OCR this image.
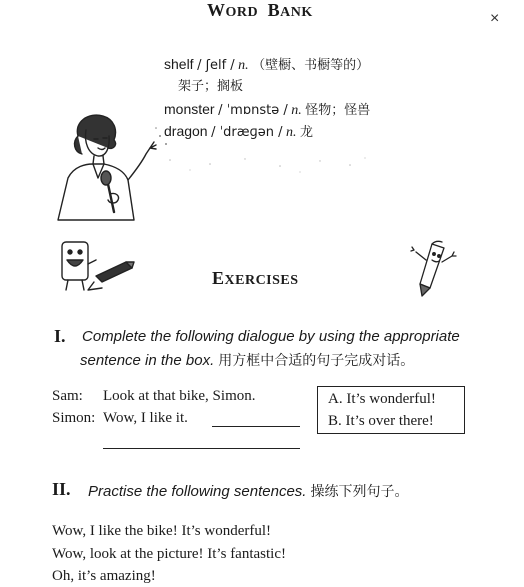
×
WORD BANK
shelf / ʃelf / n. （壁橱、书橱等的）
架子；搁板
monster / ˈmɒnstə / n. 怪物；怪兽
dragon / ˈdræɡən / n. 龙
EXERCISES
I. Complete the following dialogue by using the appropriate
sentence in the box. 用方框中合适的句子完成对话。
Sam: Look at that bike, Simon.
Simon: Wow, I like it.
A. It’s wonderful!
B. It’s over there!
II. Practise the following sentences. 操练下列句子。
Wow, I like the bike! It’s wonderful!
Wow, look at the picture! It’s fantastic!
Oh, it’s amazing!
